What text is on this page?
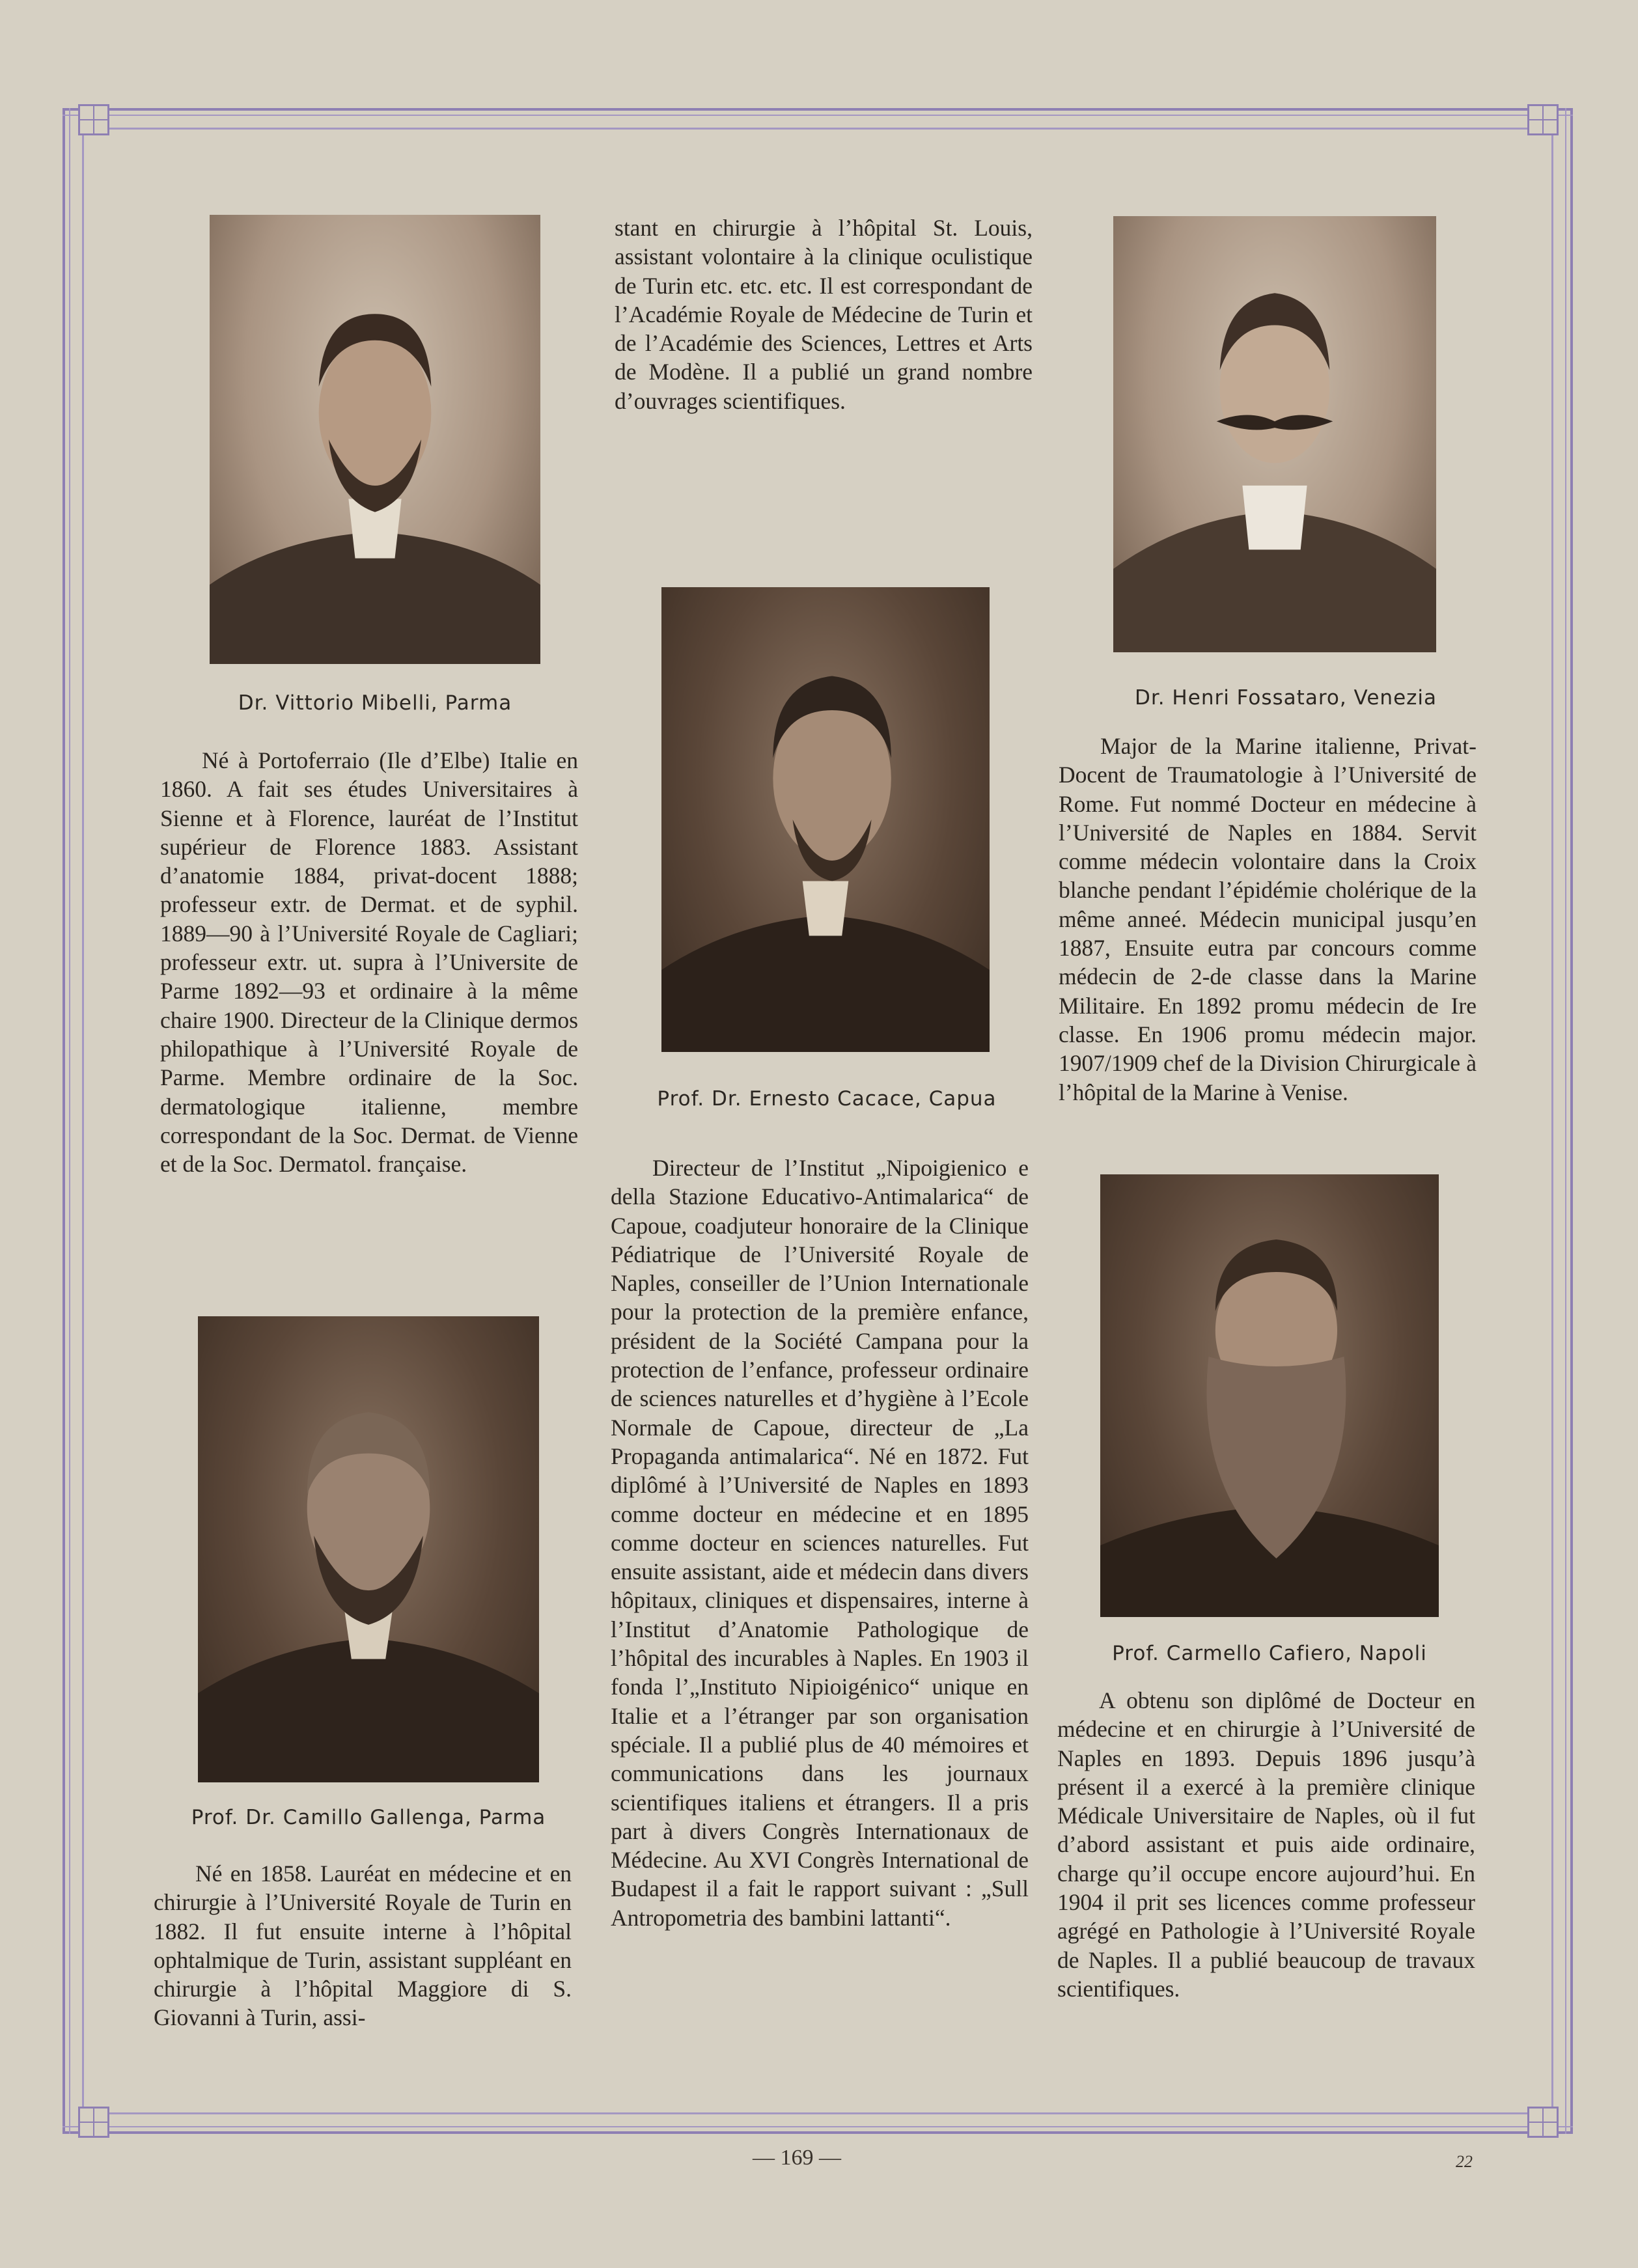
Dr. Vittorio Mibelli, Parma

Né à Portoferraio (Ile d’Elbe) Italie en 1860. A fait ses études Universitaires à Sienne et à Florence, lauréat de l’Institut supérieur de Florence 1883. Assistant d’anatomie 1884, privat-docent 1888; professeur extr. de Dermat. et de syphil. 1889—90 à l’Université Royale de Cagliari; professeur extr. ut. supra à l’Universite de Parme 1892—93 et ordinaire à la même chaire 1900. Directeur de la Clinique dermos philopathique à l’Université Royale de Parme. Membre ordinaire de la Soc. dermatologique italienne, membre correspondant de la Soc. Dermat. de Vienne et de la Soc. Dermatol. française.

Prof. Dr. Camillo Gallenga, Parma

Né en 1858. Lauréat en médecine et en chirurgie à l’Université Royale de Turin en 1882. Il fut ensuite interne à l’hôpital ophtalmique de Turin, assistant suppléant en chirurgie à l’hôpital Maggiore di S. Giovanni à Turin, assi-

stant en chirurgie à l’hôpital St. Louis, assistant volontaire à la clinique oculistique de Turin etc. etc. etc. Il est correspondant de l’Académie Royale de Médecine de Turin et de l’Académie des Sciences, Lettres et Arts de Modène. Il a publié un grand nombre d’ouvrages scientifiques.

Prof. Dr. Ernesto Cacace, Capua

Directeur de l’Institut „Nipoigienico e della Stazione Educativo-Antimalarica“ de Capoue, coadjuteur honoraire de la Clinique Pédiatrique de l’Université Royale de Naples, conseiller de l’Union Internationale pour la protection de la première enfance, président de la Société Campana pour la protection de l’enfance, professeur ordinaire de sciences naturelles et d’hygiène à l’Ecole Normale de Capoue, directeur de „La Propaganda antimalarica“. Né en 1872. Fut diplômé à l’Université de Naples en 1893 comme docteur en médecine et en 1895 comme docteur en sciences naturelles. Fut ensuite assistant, aide et médecin dans divers hôpitaux, cliniques et dispensaires, interne à l’Institut d’Anatomie Pathologique de l’hôpital des incurables à Naples. En 1903 il fonda l’„Instituto Nipioigénico“ unique en Italie et a l’étranger par son organisation spéciale. Il a publié plus de 40 mémoires et communications dans les journaux scientifiques italiens et étrangers. Il a pris part à divers Congrès Internationaux de Médecine. Au XVI Congrès International de Budapest il a fait le rapport suivant : „Sull Antropometria des bambini lattanti“.

Dr. Henri Fossataro, Venezia

Major de la Marine italienne, Privat-Docent de Traumatologie à l’Université de Rome. Fut nommé Docteur en médecine à l’Université de Naples en 1884. Servit comme médecin volontaire dans la Croix blanche pendant l’épidémie cholérique de la même anneé. Médecin municipal jusqu’en 1887, Ensuite eutra par concours comme médecin de 2-de classe dans la Marine Militaire. En 1892 promu médecin de Ire classe. En 1906 promu médecin major. 1907/1909 chef de la Division Chirurgicale à l’hôpital de la Marine à Venise.

Prof. Carmello Cafiero, Napoli

A obtenu son diplômé de Docteur en médecine et en chirurgie à l’Université de Naples en 1893. Depuis 1896 jusqu’à présent il a exercé à la première clinique Médicale Universitaire de Naples, où il fut d’abord assistant et puis aide ordinaire, charge qu’il occupe encore aujourd’hui. En 1904 il prit ses licences comme professeur agrégé en Pathologie à l’Université Royale de Naples. Il a publié beaucoup de travaux scientifiques.

— 169 —	22
